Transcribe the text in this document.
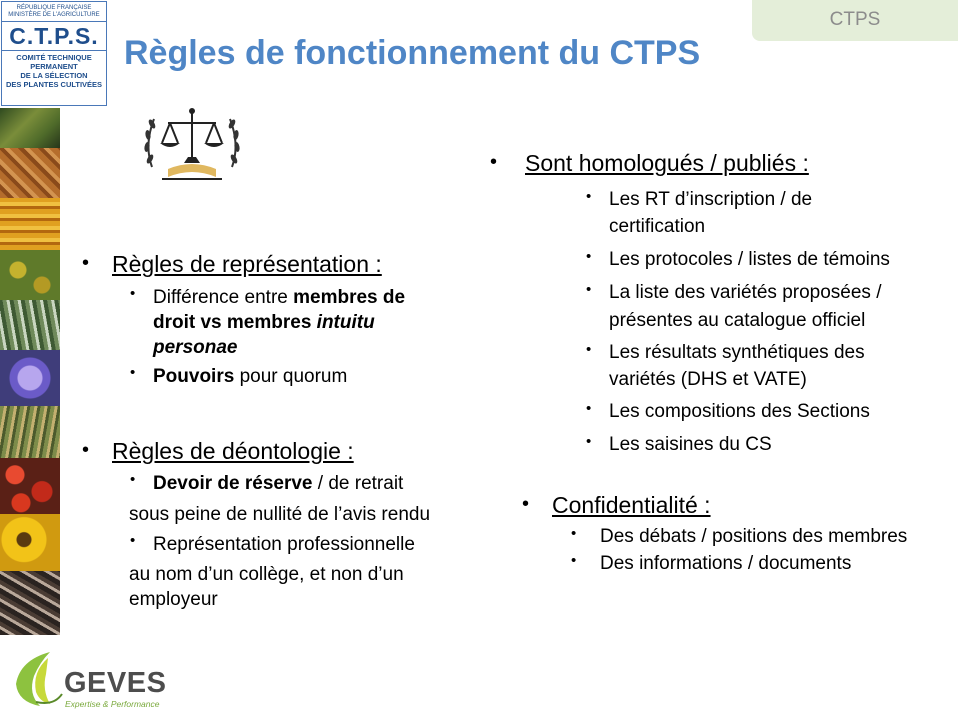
RÉPUBLIQUE FRANÇAISE
MINISTÈRE DE L'AGRICULTURE
C.T.P.S.
COMITÉ TECHNIQUE
PERMANENT
DE LA SÉLECTION
DES PLANTES CULTIVÉES
CTPS
Règles de fonctionnement du CTPS
• Règles de représentation :
• Différence entre membres de
droit vs membres intuitu
personae
• Pouvoirs pour quorum
• Règles de déontologie :
• Devoir de réserve / de retrait
sous peine de nullité de l’avis rendu
• Représentation professionnelle
au nom d’un collège, et non d’un
employeur
• Sont homologués / publiés :
• Les RT d’inscription / de
certification
• Les protocoles / listes de témoins
• La liste des variétés proposées /
présentes au catalogue officiel
• Les résultats synthétiques des
variétés (DHS et VATE)
• Les compositions des Sections
• Les saisines du CS
• Confidentialité :
• Des débats / positions des membres
• Des informations / documents
GEVES
Expertise & Performance
